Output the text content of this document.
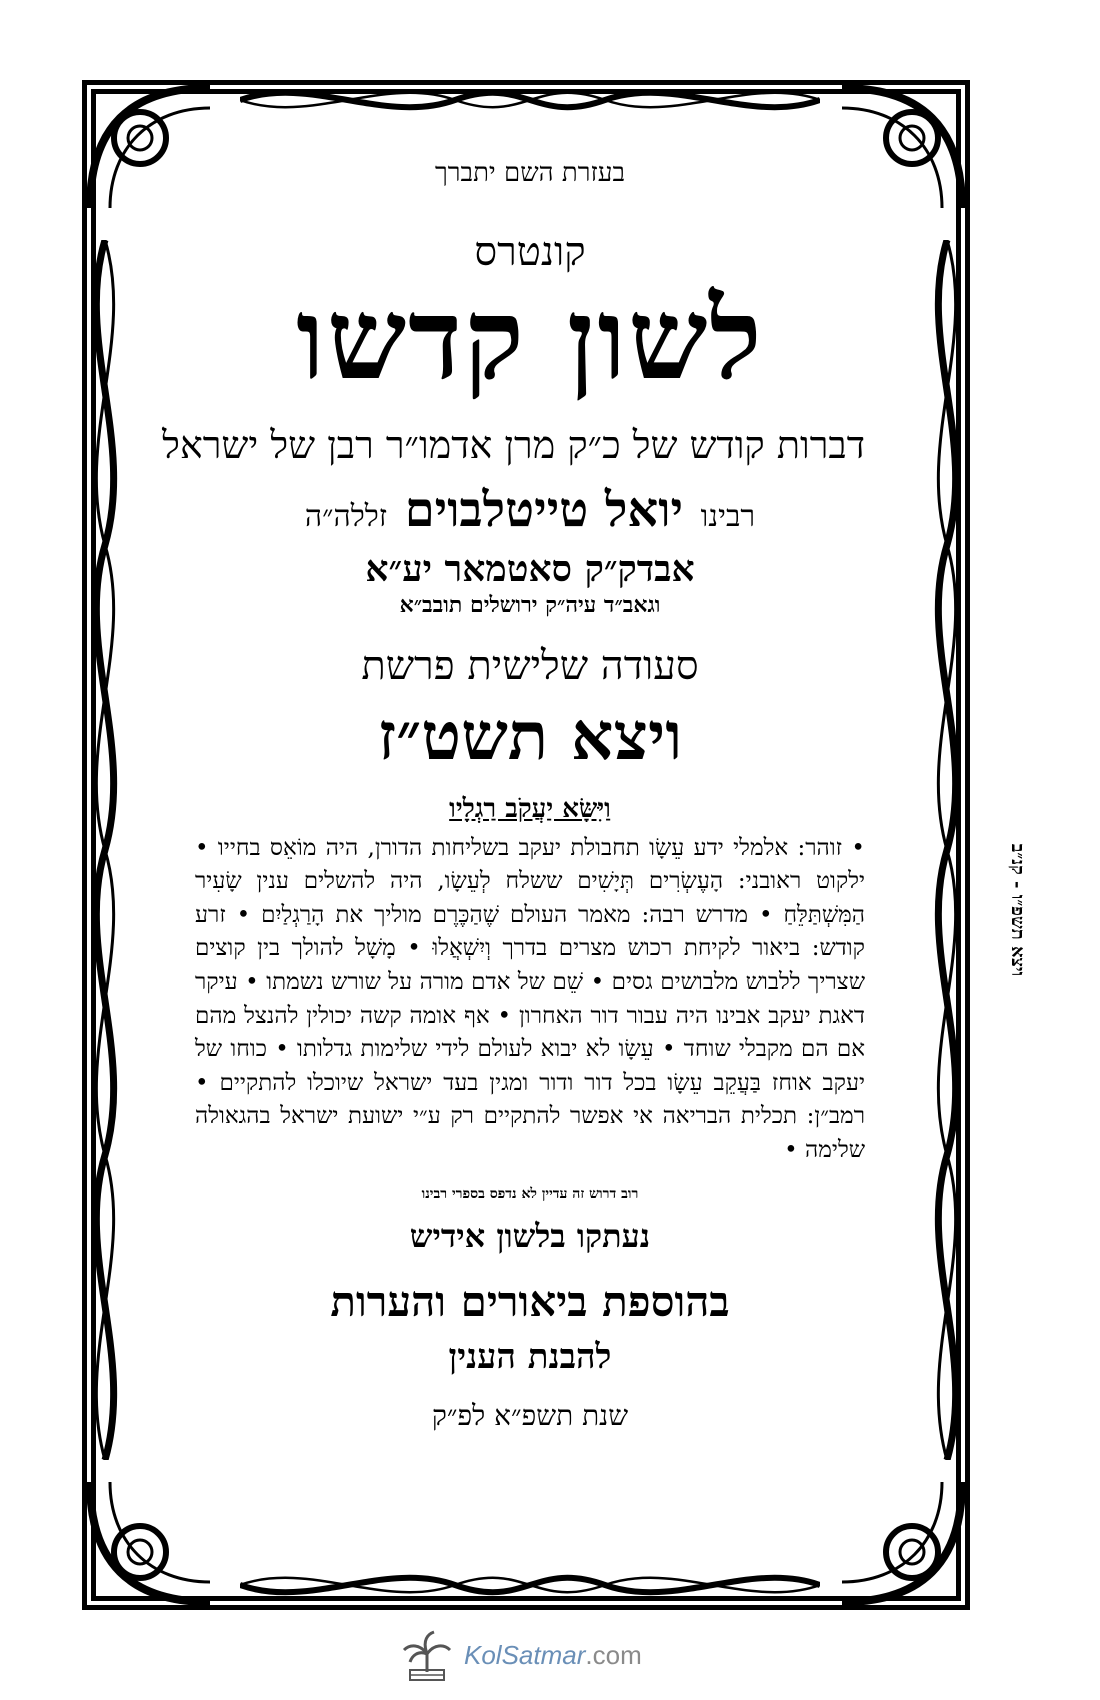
בעזרת השם יתברך

קונטרס

לשון קדשו

דברות קודש של כ״ק מרן אדמו״ר רבן של ישראל

רבינו יואל טייטלבוים זללה״ה

אבדק״ק סאטמאר יע״א

וגאב״ד עיה״ק ירושלים תובב״א

סעודה שלישית פרשת

ויצא תשט״ז

וַיִּשָּׂא יַעֲקֹב רַגְלָיו

• זוהר: אלמלי ידע עֵשָׂו תחבולת יעקב בשליחות הדורן, היה מוֹאֵס בחייו • ילקוט ראובני: הָעֶשְׂרִים תְּיָשִׁים ששלח לְעֵשָׂו, היה להשלים ענין שָׂעִיר הַמִּשְׁתַּלֵּחַ • מדרש רבה: מאמר העולם שֶׁהַכֶּרֶם מוליך את הָרַגְלַיִם • זרע קודש: ביאור לקיחת רכוש מצרים בדרך וְיִשְׁאֲלוּ • מָשָׁל להולך בין קוצים שצריך ללבוש מלבושים גסים • שֵׁם של אדם מורה על שורש נשמתו • עיקר דאגת יעקב אבינו היה עבור דור האחרון • אף אומה קשה יכולין להנצל מהם אם הם מקבלי שוחד • עֵשָׂו לא יבוא לעולם לידי שלימות גדלותו • כוחו של יעקב אוחז בַּעֲקֵב עֵשָׂו בכל דור ודור ומגין בעד ישראל שיוכלו להתקיים • רמב״ן: תכלית הבריאה אי אפשר להתקיים רק ע״י ישועת ישראל בהגאולה שלימה •

רוב דרוש זה עדיין לא נדפס בספרי רבינו

נעתקו בלשון אידיש

בהוספת ביאורים והערות

להבנת הענין

שנת תשפ״א לפ״ק

ויצא תשפ״ו - קנ״ב
KolSatmar.com
